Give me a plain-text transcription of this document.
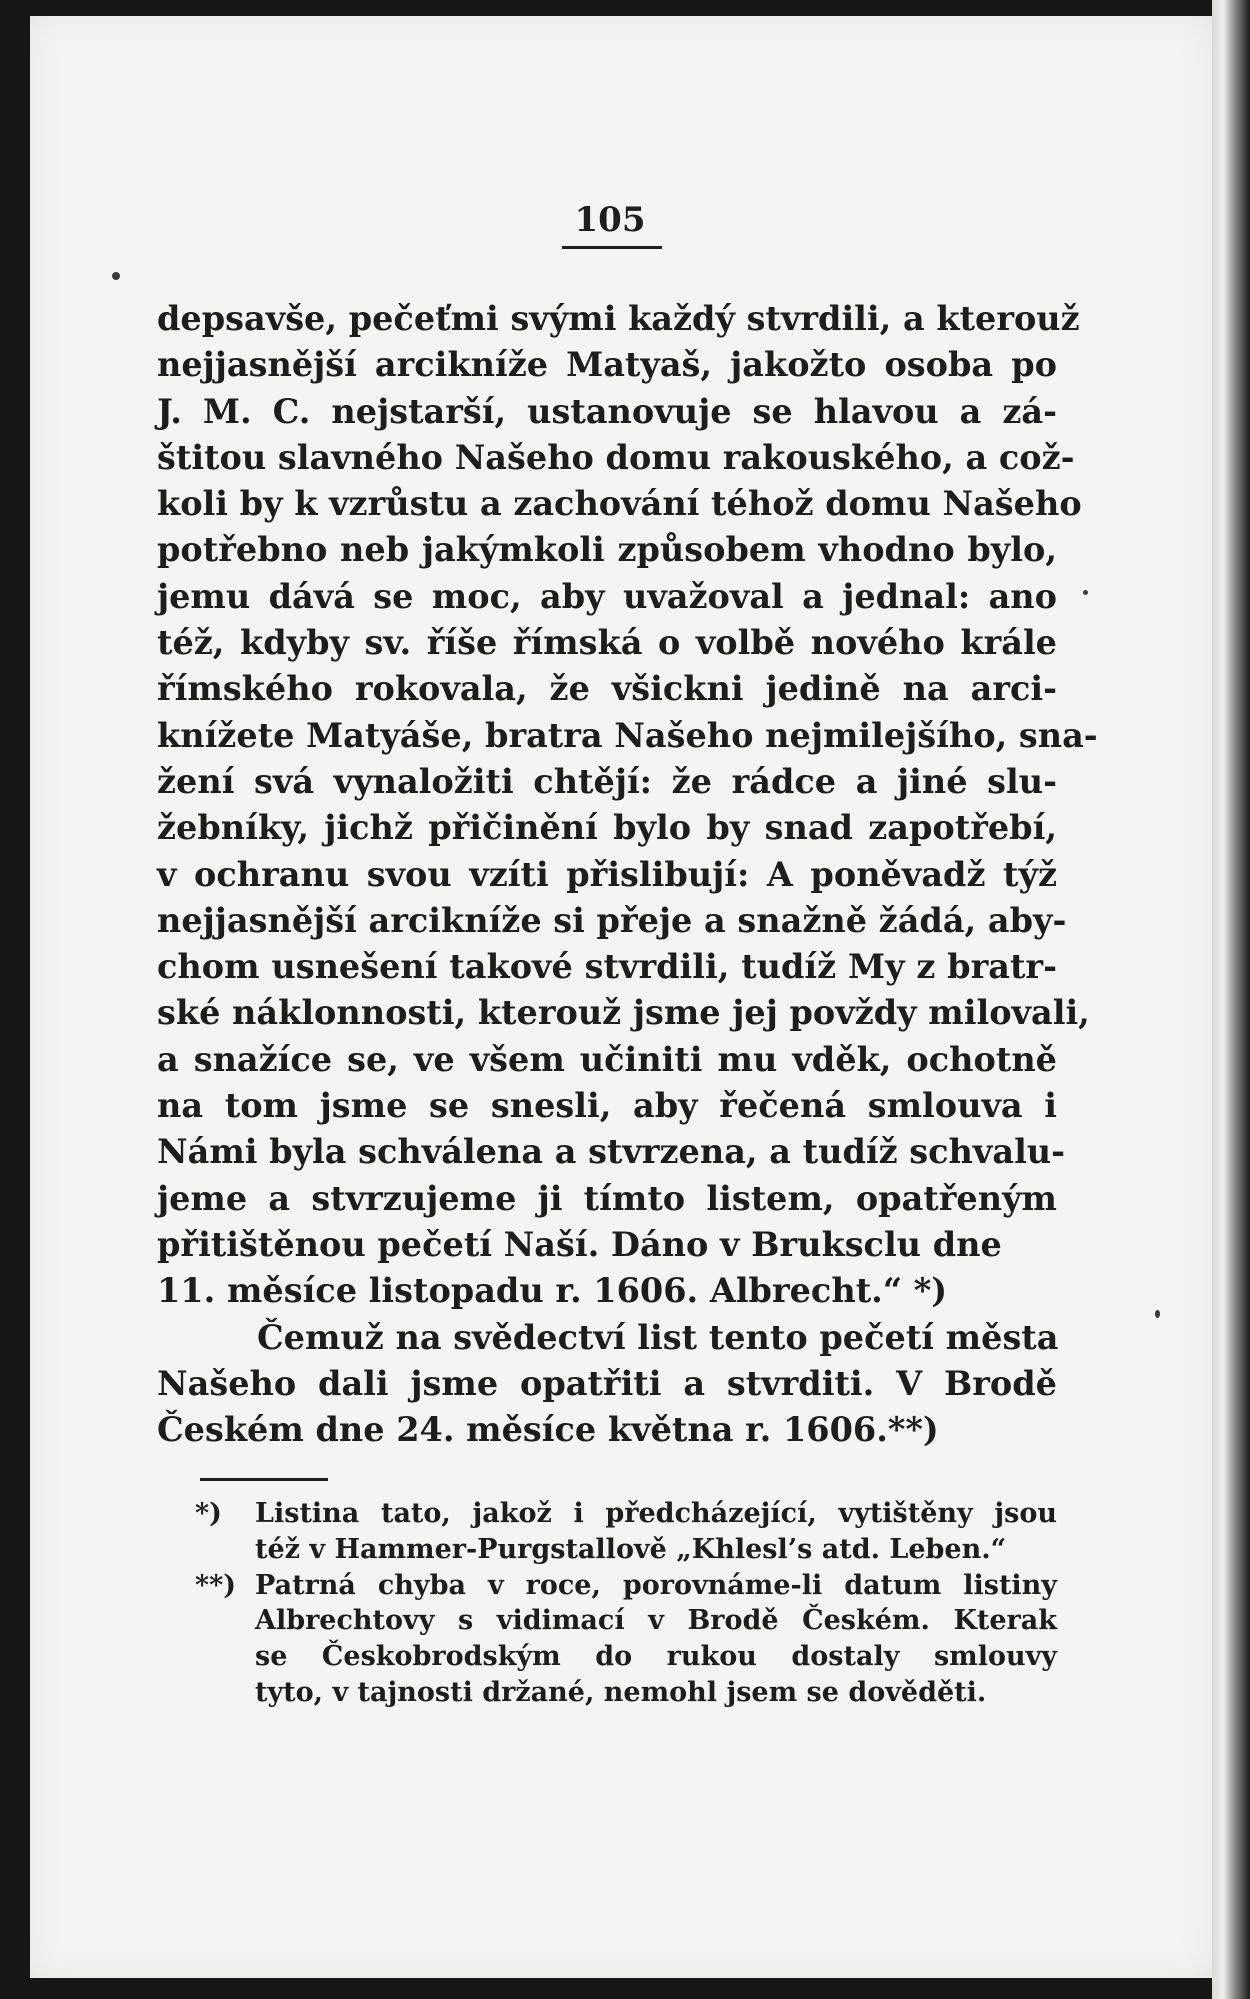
105
depsavše, pečeťmi svými každý stvrdili, a kterouž
nejjasnější arcikníže Matyaš, jakožto osoba po
J. M. C. nejstarší, ustanovuje se hlavou a zá-
štitou slavného Našeho domu rakouského, a což-
koli by k vzrůstu a zachování téhož domu Našeho
potřebno neb jakýmkoli způsobem vhodno bylo,
jemu dává se moc, aby uvažoval a jednal: ano
též, kdyby sv. říše římská o volbě nového krále
římského rokovala, že všickni jedině na arci-
knížete Matyáše, bratra Našeho nejmilejšího, sna-
žení svá vynaložiti chtějí: že rádce a jiné slu-
žebníky, jichž přičinění bylo by snad zapotřebí,
v ochranu svou vzíti přislibují: A poněvadž týž
nejjasnější arcikníže si přeje a snažně žádá, aby-
chom usnešení takové stvrdili, tudíž My z bratr-
ské náklonnosti, kterouž jsme jej povždy milovali,
a snažíce se, ve všem učiniti mu vděk, ochotně
na tom jsme se snesli, aby řečená smlouva i
Námi byla schválena a stvrzena, a tudíž schvalu-
jeme a stvrzujeme ji tímto listem, opatřeným
přitištěnou pečetí Naší. Dáno v Bruksclu dne
11. měsíce listopadu r. 1606. Albrecht.“ *)
Čemuž na svědectví list tento pečetí města
Našeho dali jsme opatřiti a stvrditi. V Brodě
Českém dne 24. měsíce května r. 1606.**)
*)	Listina tato, jakož i předcházející, vytištěny jsou
též v Hammer-Purgstallově „Khlesl’s atd. Leben.“
**) Patrná chyba v roce, porovnáme-li datum listiny
Albrechtovy s vidimací v Brodě Českém. Kterak
se Českobrodským do rukou dostaly smlouvy
tyto, v tajnosti držané, nemohl jsem se dověděti.
